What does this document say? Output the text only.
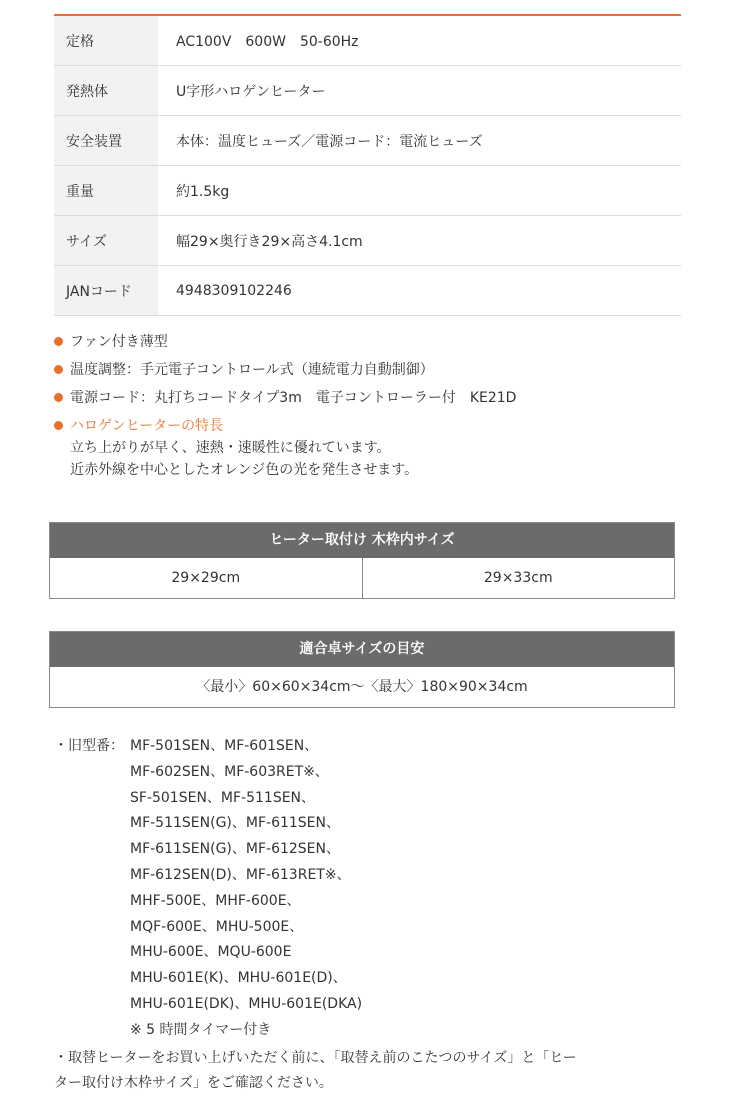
定格	AC100V　600W　50-60Hz
発熱体	U字形ハロゲンヒーター
安全装置	本体：温度ヒューズ／電源コード：電流ヒューズ
重量	約1.5kg
サイズ	幅29×奥行き29×高さ4.1cm
JANコード	4948309102246
ファン付き薄型
温度調整：手元電子コントロール式（連続電力自動制御）
電源コード：丸打ちコードタイプ3m　電子コントローラー付　KE21D
ハロゲンヒーターの特長
立ち上がりが早く、速熱・速暖性に優れています。
近赤外線を中心としたオレンジ色の光を発生させます。
ヒーター取付け 木枠内サイズ
29×29cm	29×33cm
適合卓サイズの目安
〈最小〉60×60×34cm〜〈最大〉180×90×34cm
・旧型番： MF-501SEN、MF-601SEN、
MF-602SEN、MF-603RET※、
SF-501SEN、MF-511SEN、
MF-511SEN(G)、MF-611SEN、
MF-611SEN(G)、MF-612SEN、
MF-612SEN(D)、MF-613RET※、
MHF-500E、MHF-600E、
MQF-600E、MHU-500E、
MHU-600E、MQU-600E
MHU-601E(K)、MHU-601E(D)、
MHU-601E(DK)、MHU-601E(DKA)
※ 5 時間タイマー付き
・取替ヒーターをお買い上げいただく前に、「取替え前のこたつのサイズ」と「ヒー
ター取付け木枠サイズ」をご確認ください。
